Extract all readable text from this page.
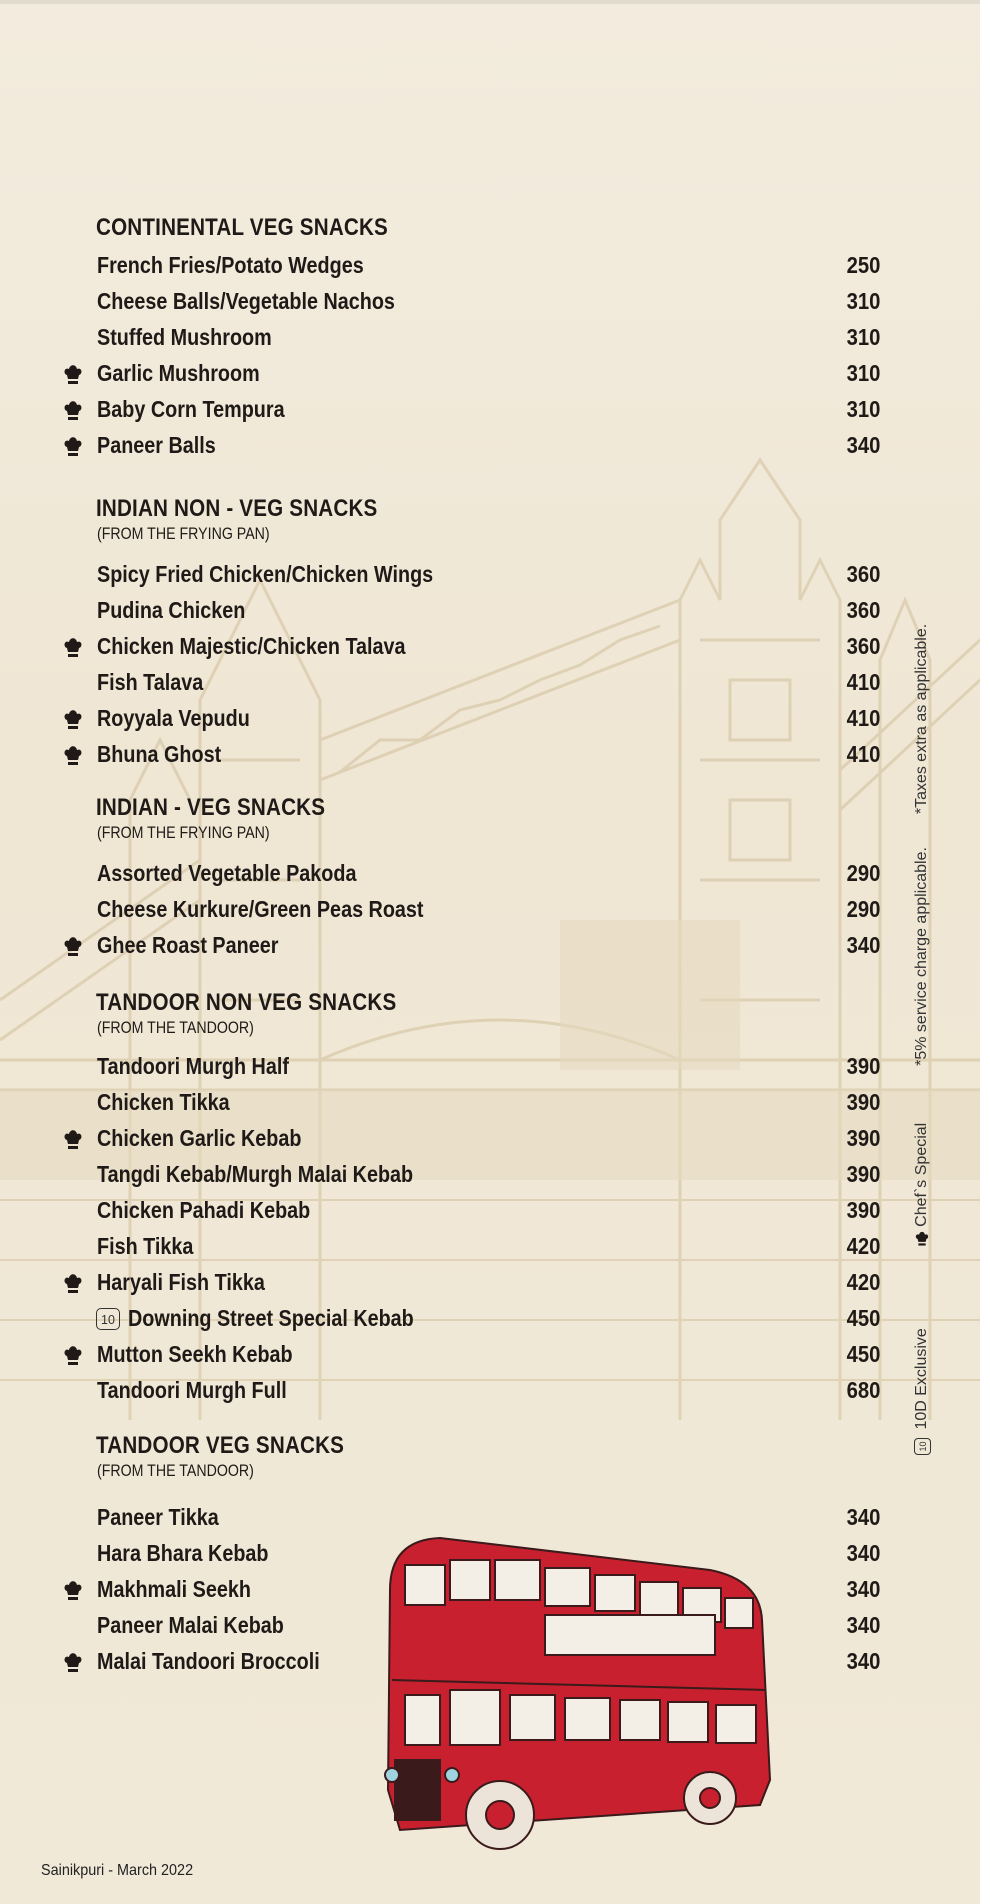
CONTINENTAL VEG SNACKS
French Fries/Potato Wedges	250
Cheese Balls/Vegetable Nachos	310
Stuffed Mushroom	310
Garlic Mushroom	310
Baby Corn Tempura	310
Paneer Balls	340
INDIAN NON - VEG SNACKS
(FROM THE FRYING PAN)
Spicy Fried Chicken/Chicken Wings	360
Pudina Chicken	360
Chicken Majestic/Chicken Talava	360
Fish Talava	410
Royyala Vepudu	410
Bhuna Ghost	410
INDIAN - VEG SNACKS
(FROM THE FRYING PAN)
Assorted Vegetable Pakoda	290
Cheese Kurkure/Green Peas Roast	290
Ghee Roast Paneer	340
TANDOOR NON VEG SNACKS
(FROM THE TANDOOR)
Tandoori Murgh Half	390
Chicken Tikka	390
Chicken Garlic Kebab	390
Tangdi Kebab/Murgh Malai Kebab	390
Chicken Pahadi Kebab	390
Fish Tikka	420
Haryali Fish Tikka	420
10 Downing Street Special Kebab	450
Mutton Seekh Kebab	450
Tandoori Murgh Full	680
TANDOOR VEG SNACKS
(FROM THE TANDOOR)
Paneer Tikka	340
Hara Bhara Kebab	340
Makhmali Seekh	340
Paneer Malai Kebab	340
Malai Tandoori Broccoli	340
10 10D Exclusive   Chef`s Special  *5% service charge applicable.  *Taxes extra as applicable.
Sainikpuri - March 2022
